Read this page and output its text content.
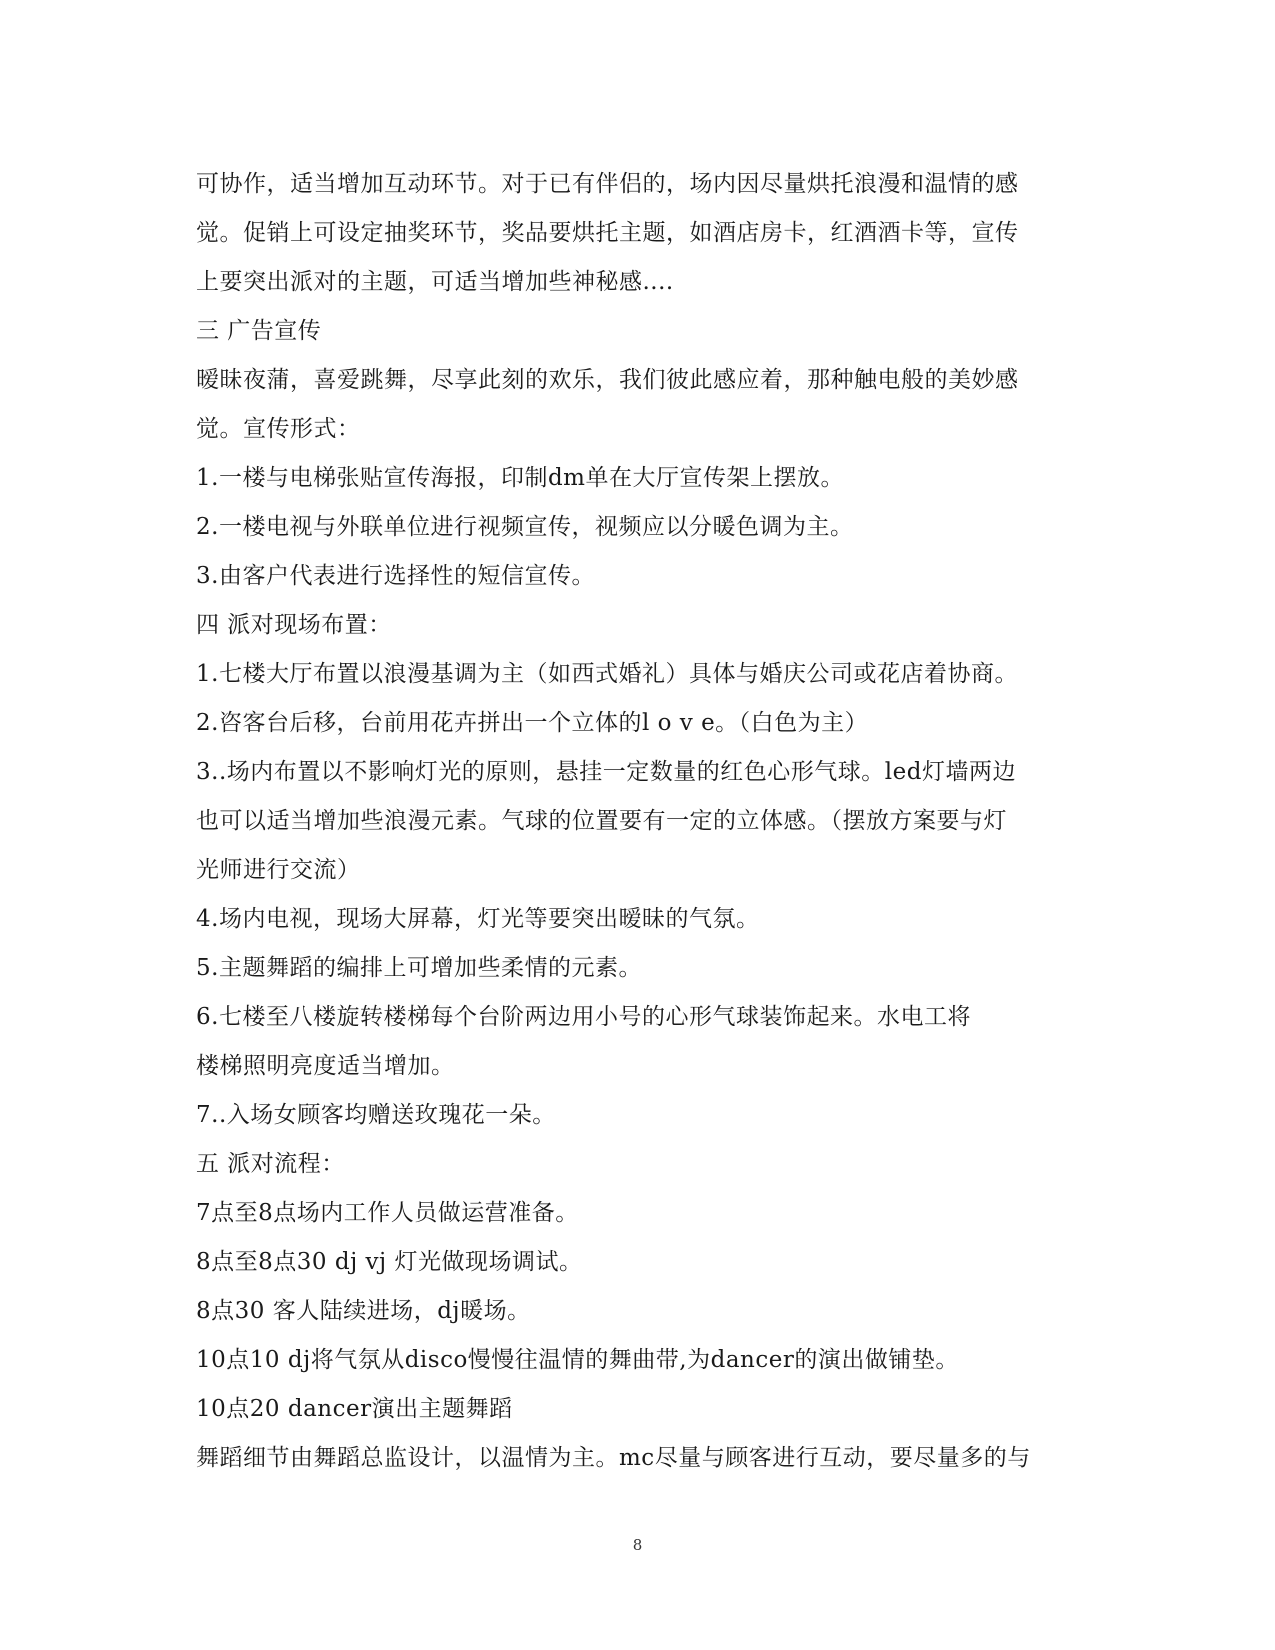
可协作，适当增加互动环节。对于已有伴侣的，场内因尽量烘托浪漫和温情的感
觉。促销上可设定抽奖环节，奖品要烘托主题，如酒店房卡，红酒酒卡等，宣传
上要突出派对的主题，可适当增加些神秘感....
三 广告宣传
暧昧夜蒲，喜爱跳舞，尽享此刻的欢乐，我们彼此感应着，那种触电般的美妙感
觉。宣传形式：
1.一楼与电梯张贴宣传海报，印制dm单在大厅宣传架上摆放。
2.一楼电视与外联单位进行视频宣传，视频应以分暖色调为主。
3.由客户代表进行选择性的短信宣传。
四 派对现场布置：
1.七楼大厅布置以浪漫基调为主（如西式婚礼）具体与婚庆公司或花店着协商。
2.咨客台后移，台前用花卉拼出一个立体的l o v e。（白色为主）
3..场内布置以不影响灯光的原则，悬挂一定数量的红色心形气球。led灯墙两边
也可以适当增加些浪漫元素。气球的位置要有一定的立体感。（摆放方案要与灯
光师进行交流）
4.场内电视，现场大屏幕，灯光等要突出暧昧的气氛。
5.主题舞蹈的编排上可增加些柔情的元素。
6.七楼至八楼旋转楼梯每个台阶两边用小号的心形气球装饰起来。水电工将
楼梯照明亮度适当增加。
7..入场女顾客均赠送玫瑰花一朵。
五 派对流程：
7点至8点场内工作人员做运营准备。
8点至8点30 dj vj 灯光做现场调试。
8点30 客人陆续进场，dj暖场。
10点10 dj将气氛从disco慢慢往温情的舞曲带,为dancer的演出做铺垫。
10点20 dancer演出主题舞蹈
舞蹈细节由舞蹈总监设计，以温情为主。mc尽量与顾客进行互动，要尽量多的与
8
